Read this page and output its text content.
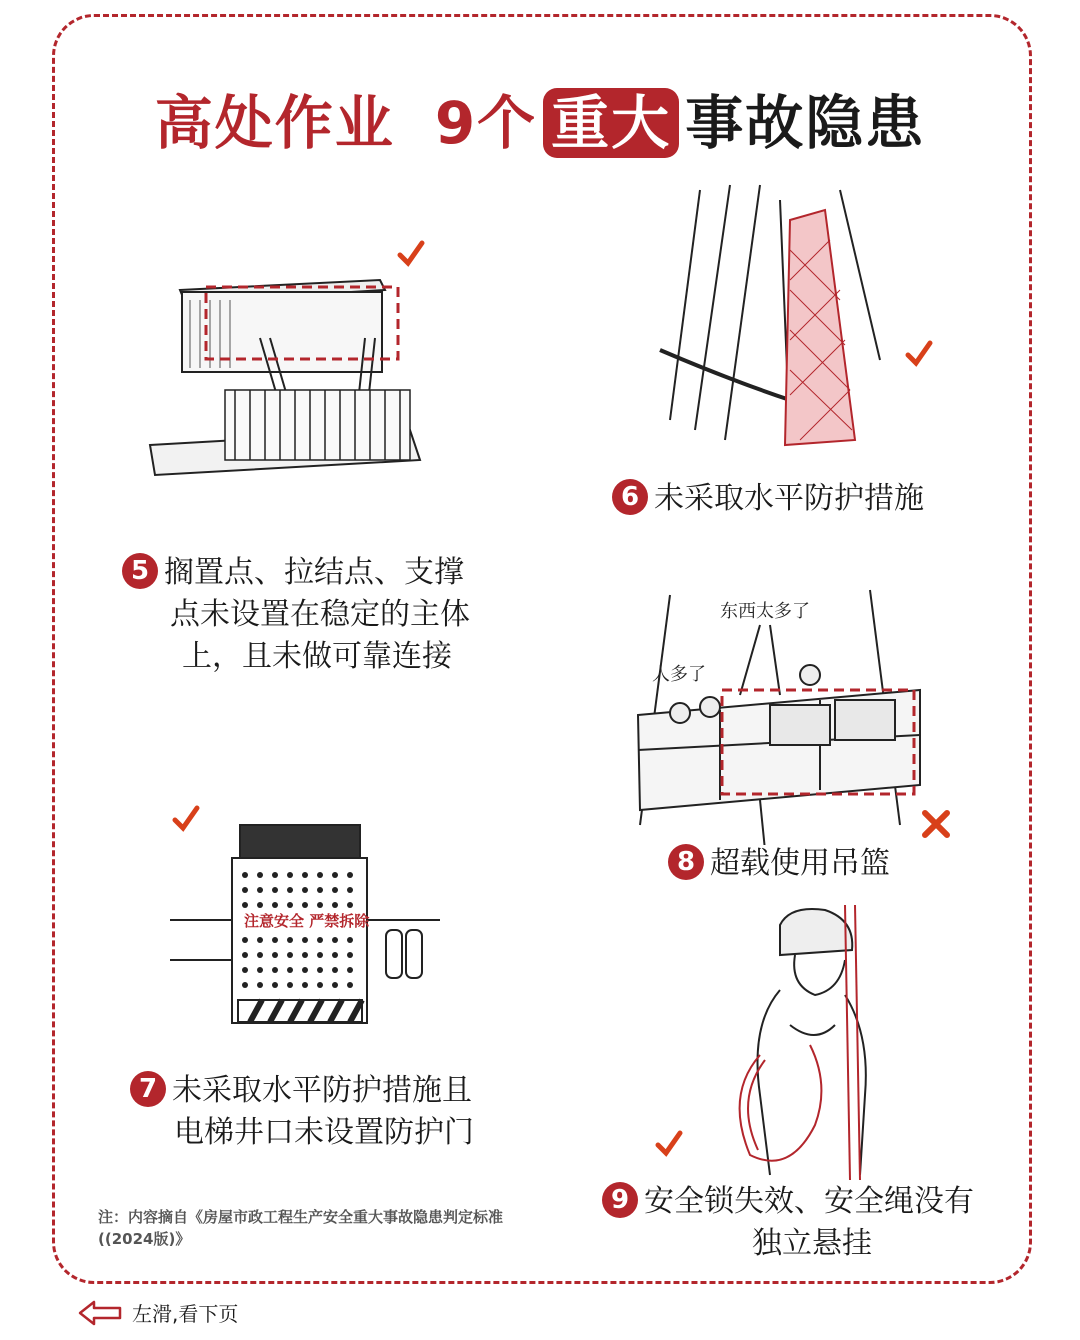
高处作业 9个 重大 事故隐患
6 未采取水平防护措施
5 搁置点、拉结点、支撑
点未设置在稳定的主体
上，且未做可靠连接
东西太多了
人多了
注意安全 严禁拆除
8 超载使用吊篮
7 未采取水平防护措施且
电梯井口未设置防护门
9 安全锁失效、安全绳没有
独立悬挂
注：内容摘自《房屋市政工程生产安全重大事故隐患判定标准((2024版)》
左滑,看下页
